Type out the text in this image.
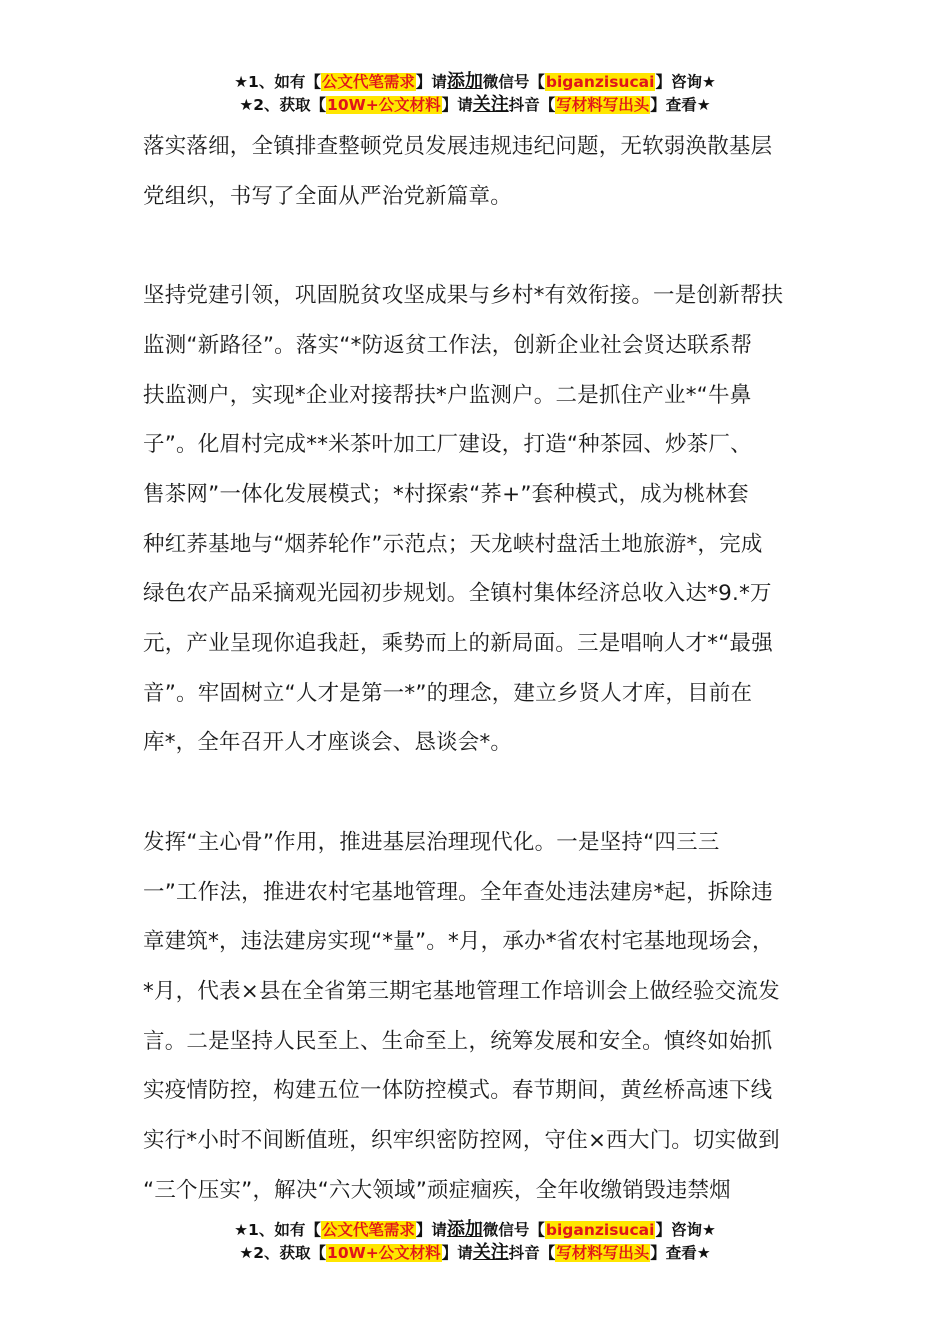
★1、如有【公文代笔需求】请添加微信号【biganzisucai】咨询★
★2、获取【10W+公文材料】请关注抖音【写材料写出头】查看★

落实落细，全镇排查整顿党员发展违规违纪问题，无软弱涣散基层

党组织，书写了全面从严治党新篇章。

坚持党建引领，巩固脱贫攻坚成果与乡村*有效衔接。一是创新帮扶

监测“新路径”。落实“*防返贫工作法，创新企业社会贤达联系帮

扶监测户，实现*企业对接帮扶*户监测户。二是抓住产业*“牛鼻

子”。化眉村完成**米茶叶加工厂建设，打造“种茶园、炒茶厂、

售茶网”一体化发展模式；*村探索“荞+”套种模式，成为桃林套

种红荞基地与“烟荞轮作”示范点；天龙峡村盘活土地旅游*，完成

绿色农产品采摘观光园初步规划。全镇村集体经济总收入达*9.*万

元，产业呈现你追我赶，乘势而上的新局面。三是唱响人才*“最强

音”。牢固树立“人才是第一*”的理念，建立乡贤人才库，目前在

库*，全年召开人才座谈会、恳谈会*。

发挥“主心骨”作用，推进基层治理现代化。一是坚持“四三三

一”工作法，推进农村宅基地管理。全年查处违法建房*起，拆除违

章建筑*，违法建房实现“*量”。*月，承办*省农村宅基地现场会，

*月，代表×县在全省第三期宅基地管理工作培训会上做经验交流发

言。二是坚持人民至上、生命至上，统筹发展和安全。慎终如始抓

实疫情防控，构建五位一体防控模式。春节期间，黄丝桥高速下线

实行*小时不间断值班，织牢织密防控网，守住×西大门。切实做到

“三个压实”，解决“六大领域”顽症痼疾，全年收缴销毁违禁烟

★1、如有【公文代笔需求】请添加微信号【biganzisucai】咨询★
★2、获取【10W+公文材料】请关注抖音【写材料写出头】查看★
